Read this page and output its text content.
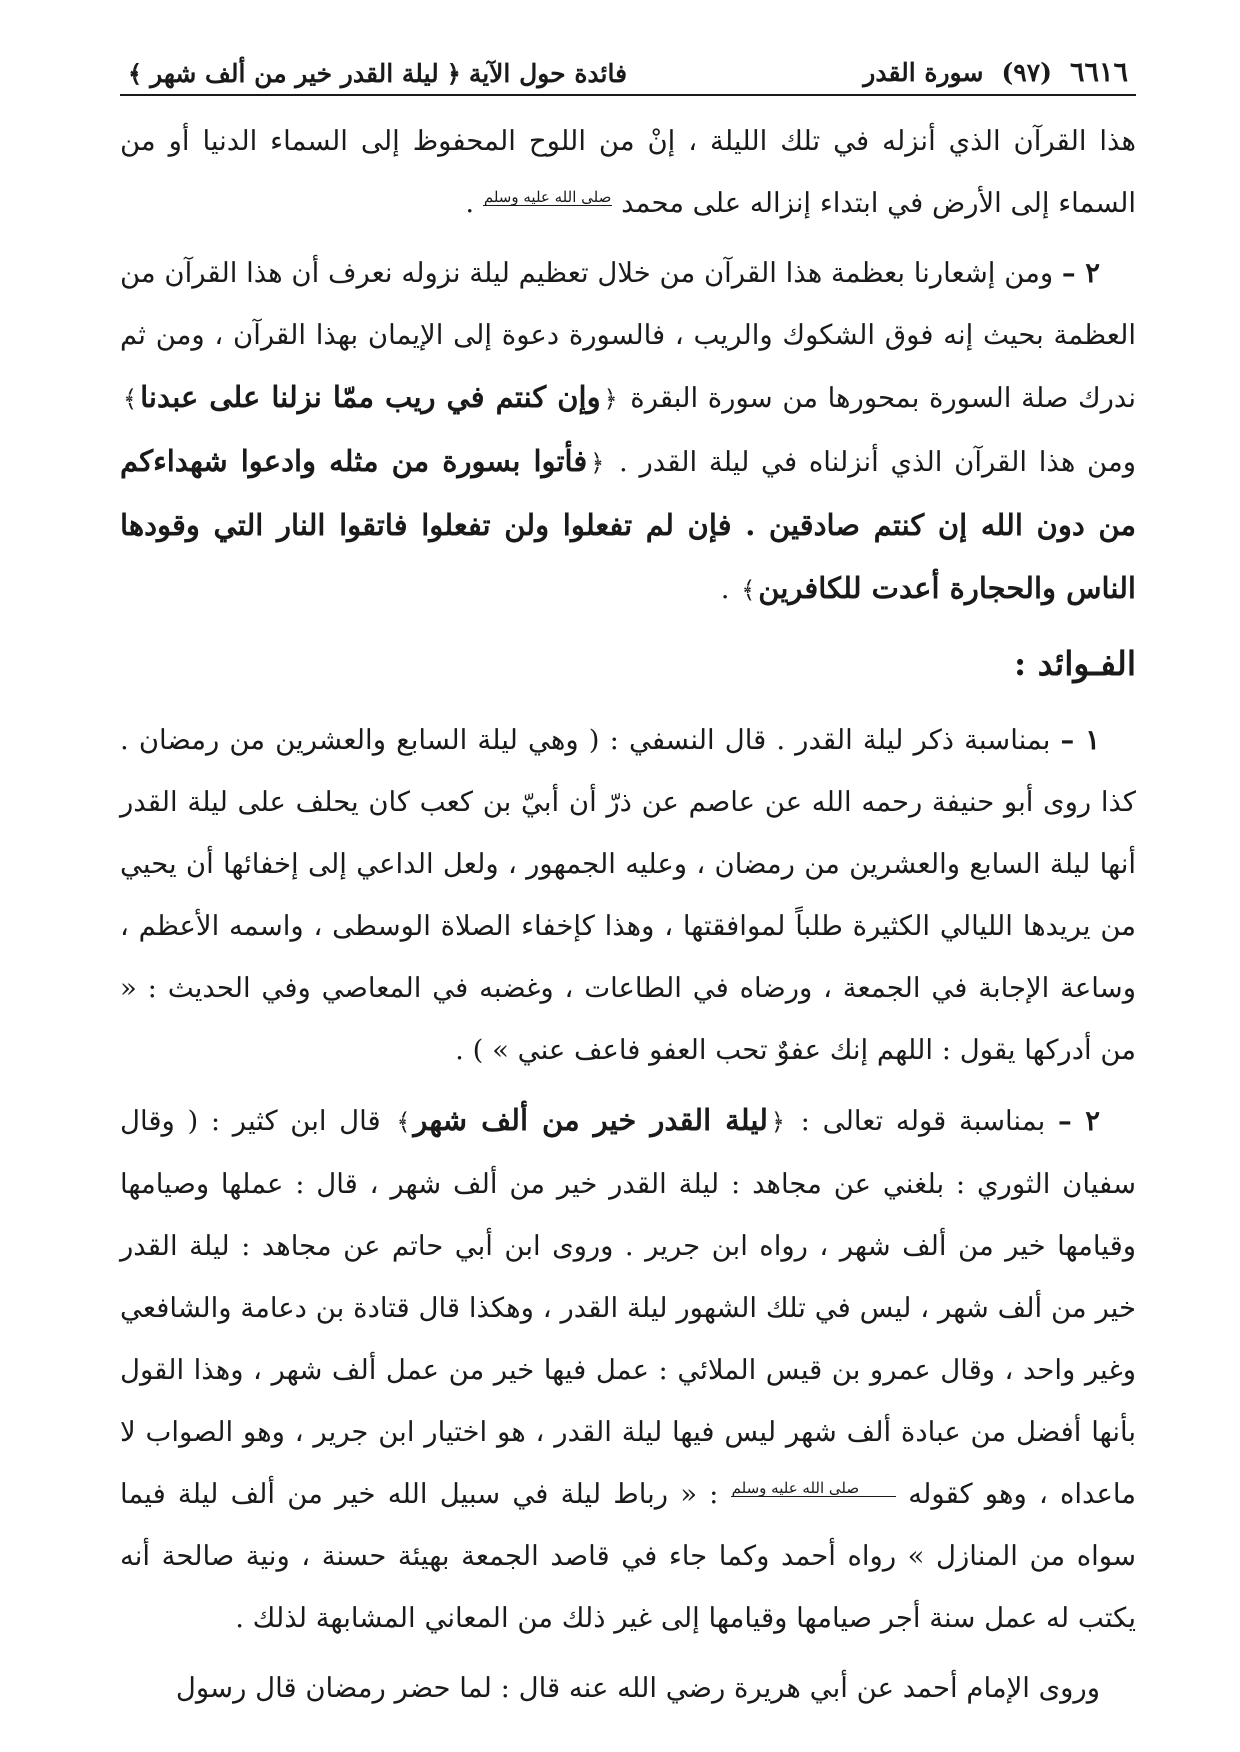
٦٦١٦
(٩٧)
سورة القدر
فائدة حول الآية
﴿
ليلة القدر خير من ألف شهر
﴾

هذا القرآن الذي أنزله في تلك الليلة ، إنْ من اللوح المحفوظ إلى السماء الدنيا أو من السماء إلى الأرض في ابتداء إنزاله على محمد صلى الله عليه وسلم .

٢ – ومن إشعارنا بعظمة هذا القرآن من خلال تعظيم ليلة نزوله نعرف أن هذا القرآن من العظمة بحيث إنه فوق الشكوك والريب ، فالسورة دعوة إلى الإيمان بهذا القرآن ، ومن ثم ندرك صلة السورة بمحورها من سورة البقرة ﴿وإن كنتم في ريب ممّا نزلنا على عبدنا﴾ ومن هذا القرآن الذي أنزلناه في ليلة القدر . ﴿فأتوا بسورة من مثله وادعوا شهداءكم من دون الله إن كنتم صادقين . فإن لم تفعلوا ولن تفعلوا فاتقوا النار التي وقودها الناس والحجارة أعدت للكافرين﴾ .

الفـوائد :

١ – بمناسبة ذكر ليلة القدر . قال النسفي : ( وهي ليلة السابع والعشرين من رمضان . كذا روى أبو حنيفة رحمه الله عن عاصم عن ذرّ أن أبيّ بن كعب كان يحلف على ليلة القدر أنها ليلة السابع والعشرين من رمضان ، وعليه الجمهور ، ولعل الداعي إلى إخفائها أن يحيي من يريدها الليالي الكثيرة طلباً لموافقتها ، وهذا كإخفاء الصلاة الوسطى ، واسمه الأعظم ، وساعة الإجابة في الجمعة ، ورضاه في الطاعات ، وغضبه في المعاصي وفي الحديث : « من أدركها يقول : اللهم إنك عفوٌ تحب العفو فاعف عني » ) .

٢ – بمناسبة قوله تعالى : ﴿ليلة القدر خير من ألف شهر﴾ قال ابن كثير : ( وقال سفيان الثوري : بلغني عن مجاهد : ليلة القدر خير من ألف شهر ، قال : عملها وصيامها وقيامها خير من ألف شهر ، رواه ابن جرير . وروى ابن أبي حاتم عن مجاهد : ليلة القدر خير من ألف شهر ، ليس في تلك الشهور ليلة القدر ، وهكذا قال قتادة بن دعامة والشافعي وغير واحد ، وقال عمرو بن قيس الملائي : عمل فيها خير من عمل ألف شهر ، وهذا القول بأنها أفضل من عبادة ألف شهر ليس فيها ليلة القدر ، هو اختيار ابن جرير ، وهو الصواب لا ماعداه ، وهو كقوله صلى الله عليه وسلم : « رباط ليلة في سبيل الله خير من ألف ليلة فيما سواه من المنازل » رواه أحمد وكما جاء في قاصد الجمعة بهيئة حسنة ، ونية صالحة أنه يكتب له عمل سنة أجر صيامها وقيامها إلى غير ذلك من المعاني المشابهة لذلك .

وروى الإمام أحمد عن أبي هريرة رضي الله عنه قال : لما حضر رمضان قال رسول
